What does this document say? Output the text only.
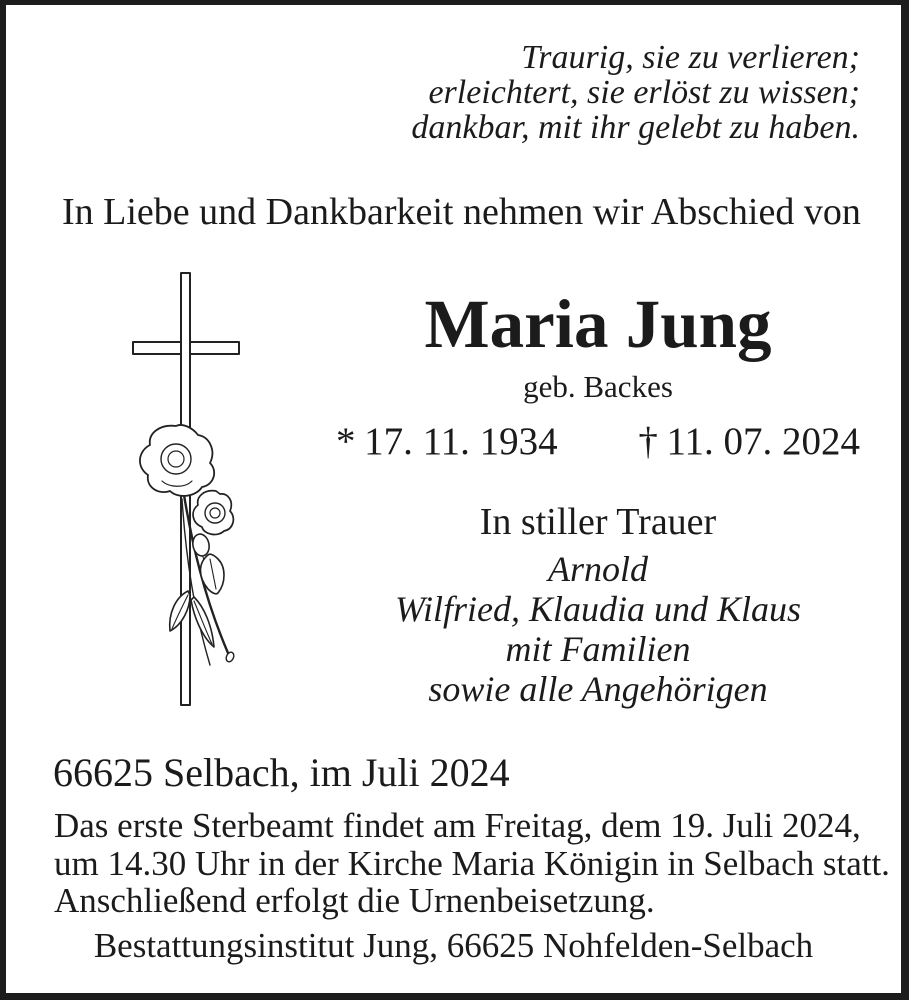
Traurig, sie zu verlieren;
erleichtert, sie erlöst zu wissen;
dankbar, mit ihr gelebt zu haben.
In Liebe und Dankbarkeit nehmen wir Abschied von
Maria Jung
geb. Backes
* 17. 11. 1934 † 11. 07. 2024
In stiller Trauer
Arnold
Wilfried, Klaudia und Klaus
mit Familien
sowie alle Angehörigen
66625 Selbach, im Juli 2024
Das erste Sterbeamt findet am Freitag, dem 19. Juli 2024,
um 14.30 Uhr in der Kirche Maria Königin in Selbach statt.
Anschließend erfolgt die Urnenbeisetzung.
Bestattungsinstitut Jung, 66625 Nohfelden-Selbach
